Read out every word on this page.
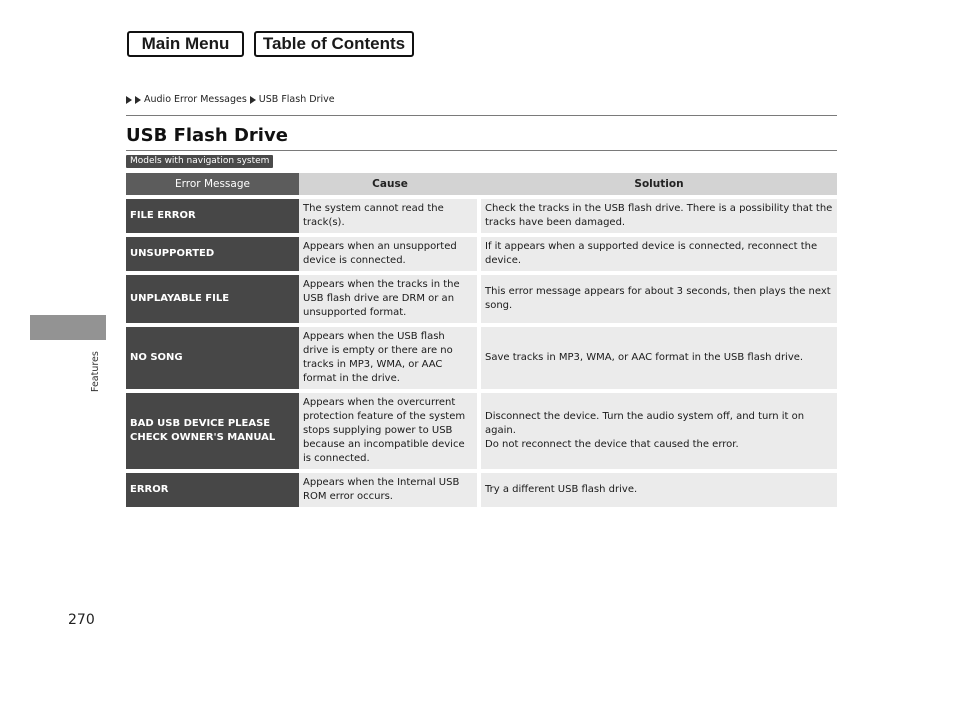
Main Menu	Table of Contents
Audio Error Messages USB Flash Drive
USB Flash Drive
Models with navigation system
Features
270
Error Message	Cause	Solution
FILE ERROR	The system cannot read the track(s).	Check the tracks in the USB flash drive. There is a possibility that the tracks have been damaged.
UNSUPPORTED	Appears when an unsupported device is connected.	If it appears when a supported device is connected, reconnect the device.
UNPLAYABLE FILE	Appears when the tracks in the USB flash drive are DRM or an unsupported format.	This error message appears for about 3 seconds, then plays the next song.
NO SONG	Appears when the USB flash drive is empty or there are no tracks in MP3, WMA, or AAC format in the drive.	Save tracks in MP3, WMA, or AAC format in the USB flash drive.
BAD USB DEVICE PLEASE CHECK OWNER'S MANUAL	Appears when the overcurrent protection feature of the system stops supplying power to USB because an incompatible device is connected.	Disconnect the device. Turn the audio system off, and turn it on again.
Do not reconnect the device that caused the error.
ERROR	Appears when the Internal USB ROM error occurs.	Try a different USB flash drive.
